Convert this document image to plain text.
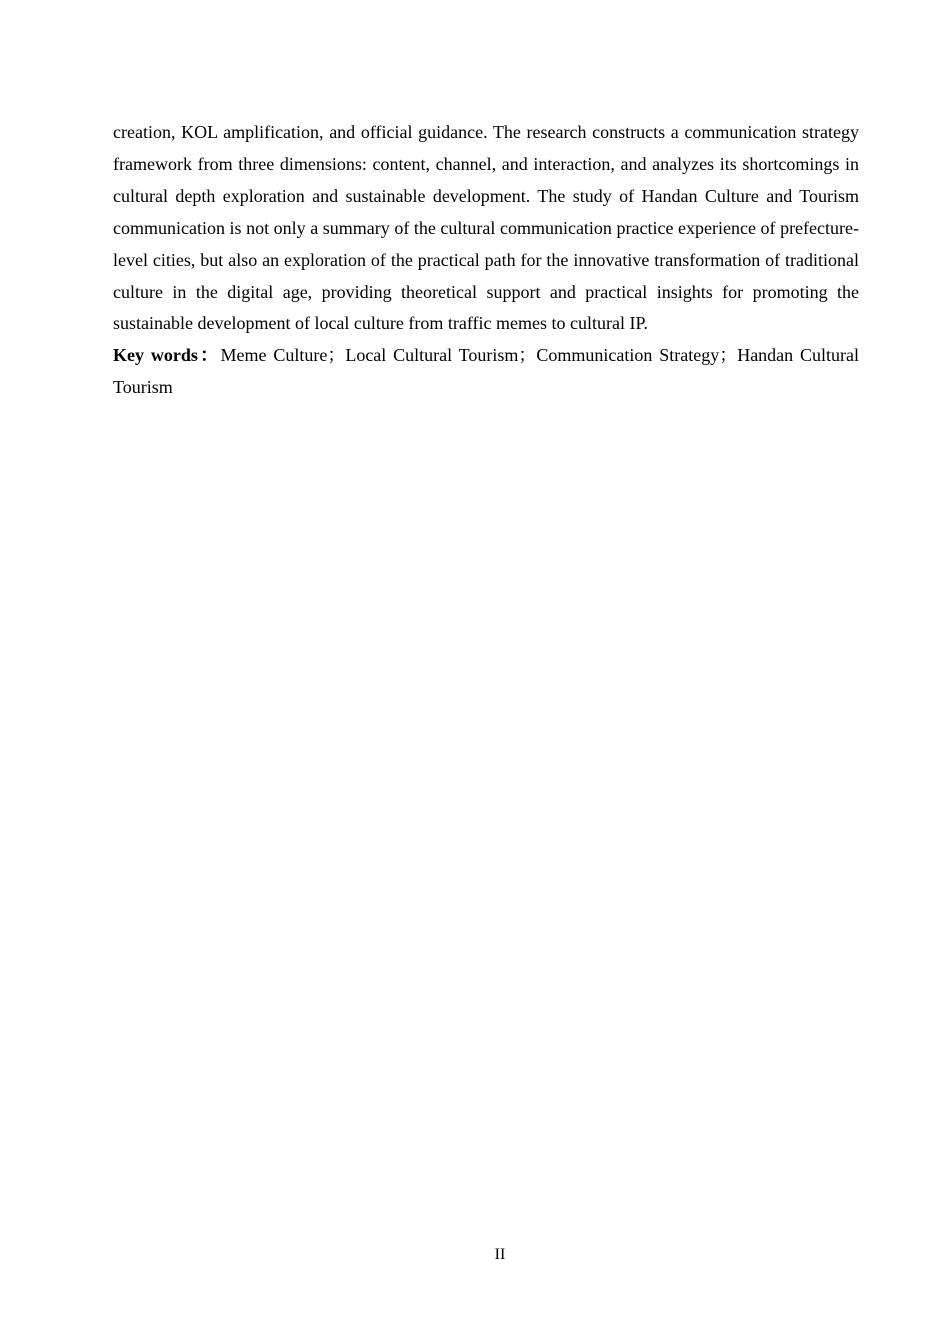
creation, KOL amplification, and official guidance. The research constructs a communication strategy framework from three dimensions: content, channel, and interaction, and analyzes its shortcomings in cultural depth exploration and sustainable development. The study of Handan Culture and Tourism communication is not only a summary of the cultural communication practice experience of prefecture-level cities, but also an exploration of the practical path for the innovative transformation of traditional culture in the digital age, providing theoretical support and practical insights for promoting the sustainable development of local culture from traffic memes to cultural IP.

Key words：Meme Culture；Local Cultural Tourism；Communication Strategy；Handan Cultural Tourism

II
